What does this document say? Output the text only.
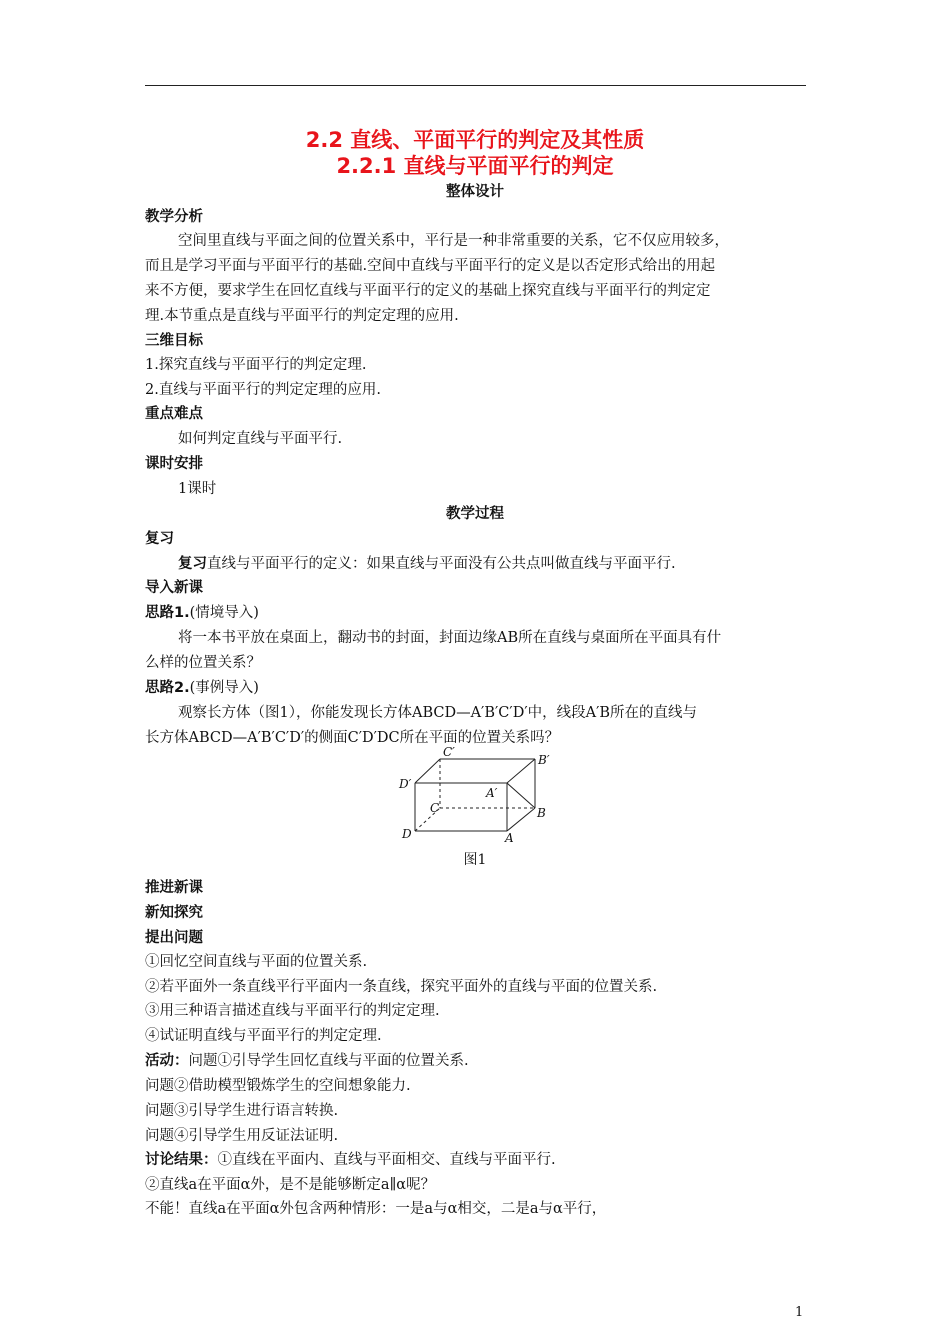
2.2 直线、平面平行的判定及其性质
2.2.1 直线与平面平行的判定
整体设计
教学分析
空间里直线与平面之间的位置关系中，平行是一种非常重要的关系，它不仅应用较多，
而且是学习平面与平面平行的基础.空间中直线与平面平行的定义是以否定形式给出的用起
来不方便，要求学生在回忆直线与平面平行的定义的基础上探究直线与平面平行的判定定
理.本节重点是直线与平面平行的判定定理的应用.
三维目标
1.探究直线与平面平行的判定定理.
2.直线与平面平行的判定定理的应用.
重点难点
如何判定直线与平面平行.
课时安排
1课时
教学过程
复习
复习直线与平面平行的定义：如果直线与平面没有公共点叫做直线与平面平行.
导入新课
思路1.(情境导入)
将一本书平放在桌面上，翻动书的封面，封面边缘AB所在直线与桌面所在平面具有什
么样的位置关系？
思路2.(事例导入)
观察长方体（图1），你能发现长方体ABCD—A′B′C′D′中，线段A′B所在的直线与
长方体ABCD—A′B′C′D′的侧面C′D′DC所在平面的位置关系吗？
C′
B′
D′
A′
C	B
D	A
图1
推进新课
新知探究
提出问题
①回忆空间直线与平面的位置关系.
②若平面外一条直线平行平面内一条直线，探究平面外的直线与平面的位置关系.
③用三种语言描述直线与平面平行的判定定理.
④试证明直线与平面平行的判定定理.
活动：问题①引导学生回忆直线与平面的位置关系.
问题②借助模型锻炼学生的空间想象能力.
问题③引导学生进行语言转换.
问题④引导学生用反证法证明.
讨论结果：①直线在平面内、直线与平面相交、直线与平面平行.
②直线a在平面α外，是不是能够断定a∥α呢？
不能！直线a在平面α外包含两种情形：一是a与α相交，二是a与α平行，
1
